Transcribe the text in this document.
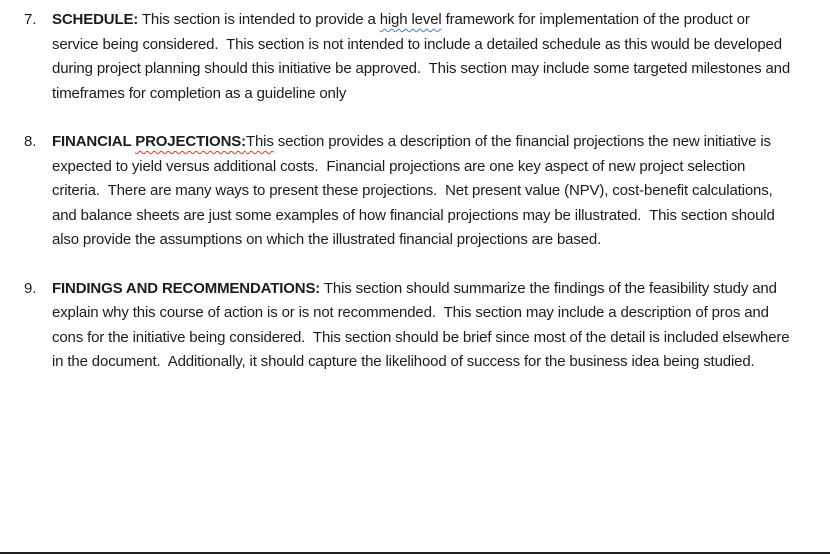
7.	SCHEDULE: This section is intended to provide a high level framework for implementation of the product or service being considered.  This section is not intended to include a detailed schedule as this would be developed during project planning should this initiative be approved.  This section may include some targeted milestones and timeframes for completion as a guideline only

8.	FINANCIAL PROJECTIONS:This section provides a description of the financial projections the new initiative is expected to yield versus additional costs.  Financial projections are one key aspect of new project selection criteria.  There are many ways to present these projections.  Net present value (NPV), cost-benefit calculations, and balance sheets are just some examples of how financial projections may be illustrated.  This section should also provide the assumptions on which the illustrated financial projections are based.

9.	FINDINGS AND RECOMMENDATIONS: This section should summarize the findings of the feasibility study and explain why this course of action is or is not recommended.  This section may include a description of pros and cons for the initiative being considered.  This section should be brief since most of the detail is included elsewhere in the document.  Additionally, it should capture the likelihood of success for the business idea being studied.
